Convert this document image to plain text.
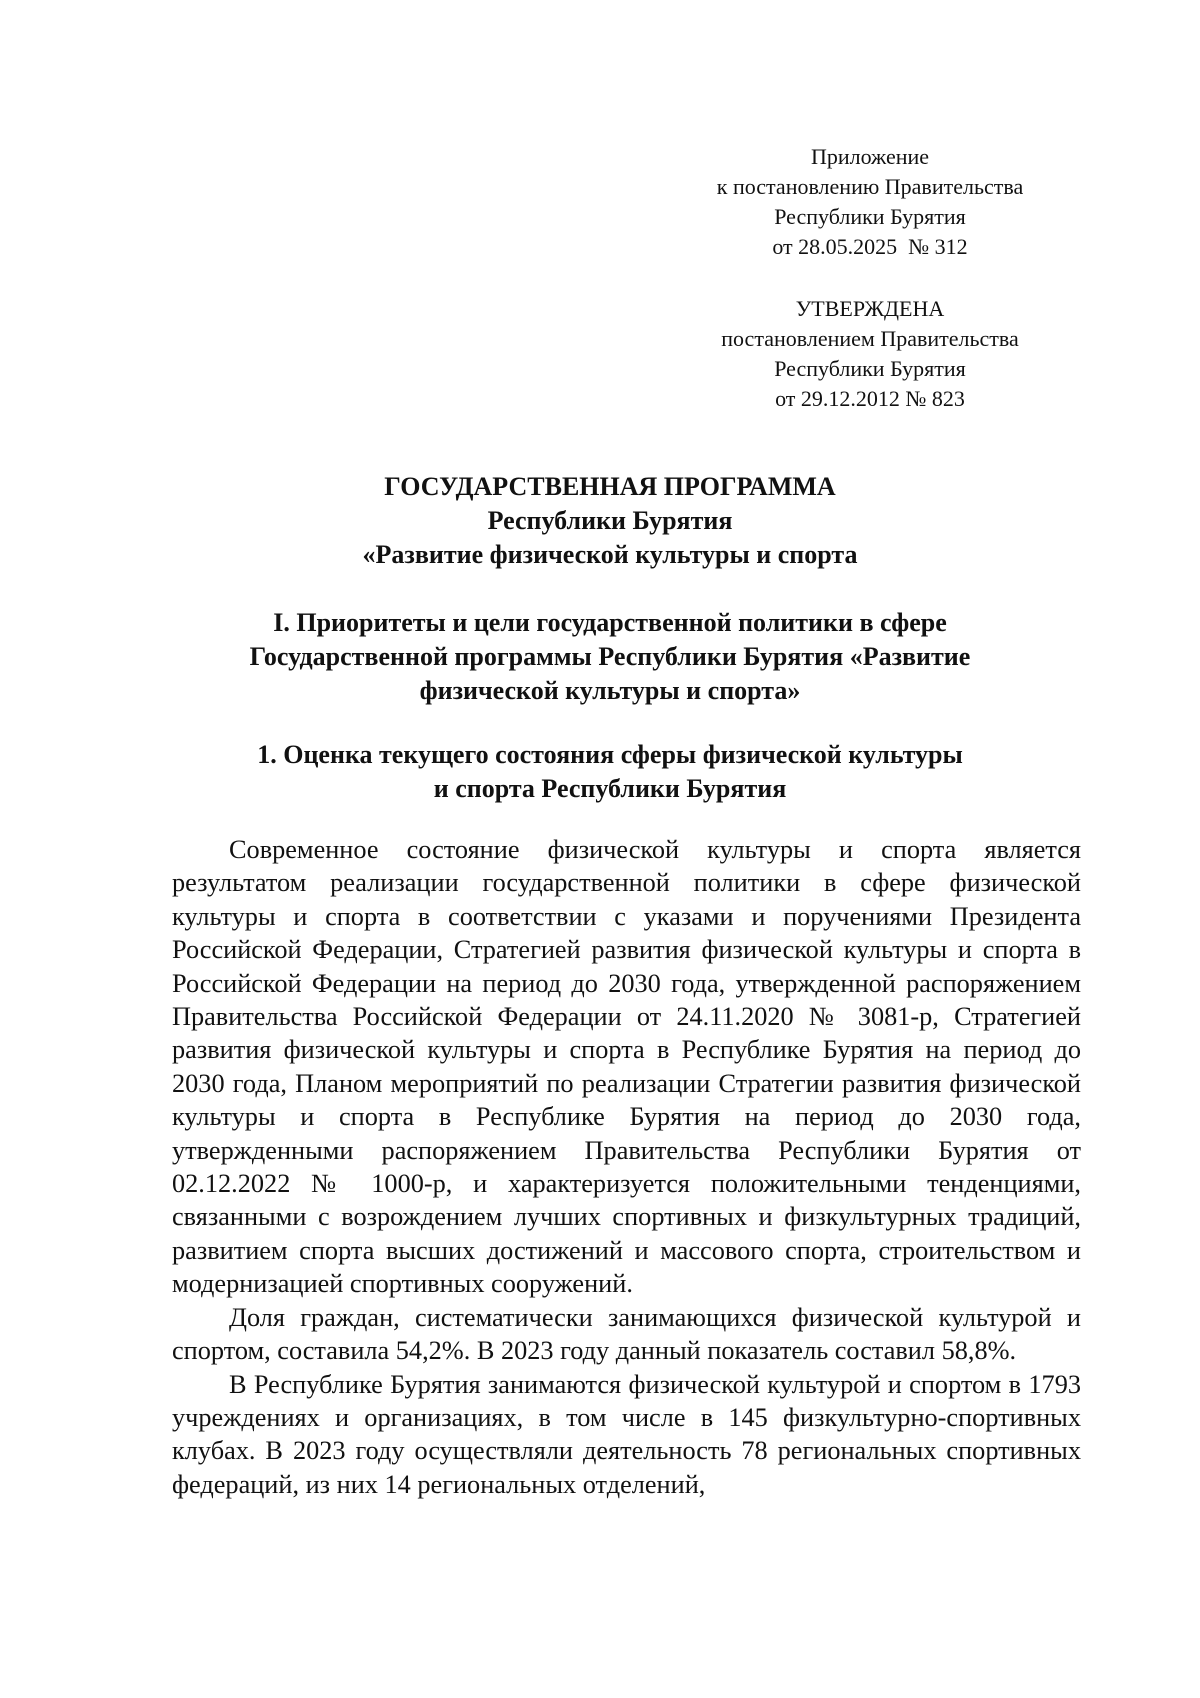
Приложение
к постановлению Правительства
Республики Бурятия
от 28.05.2025  № 312
УТВЕРЖДЕНА
постановлением Правительства
Республики Бурятия
от 29.12.2012 № 823
ГОСУДАРСТВЕННАЯ ПРОГРАММА
Республики Бурятия
«Развитие физической культуры и спорта
I. Приоритеты и цели государственной политики в сфере
Государственной программы Республики Бурятия «Развитие
физической культуры и спорта»
1. Оценка текущего состояния сферы физической культуры
и спорта Республики Бурятия

Современное состояние физической культуры и спорта является результатом реализации государственной политики в сфере физической культуры и спорта в соответствии с указами и поручениями Президента Российской Федерации, Стратегией развития физической культуры и спорта в Российской Федерации на период до 2030 года, утвержденной распоряжением Правительства Российской Федерации от 24.11.2020 № 3081-р, Стратегией развития физической культуры и спорта в Республике Бурятия на период до 2030 года, Планом мероприятий по реализации Стратегии развития физической культуры и спорта в Республике Бурятия на период до 2030 года, утвержденными распоряжением Правительства Республики Бурятия от 02.12.2022 № 1000-р, и характеризуется положительными тенденциями, связанными с возрождением лучших спортивных и физкультурных традиций, развитием спорта высших достижений и массового спорта, строительством и модернизацией спортивных сооружений.

Доля граждан, систематически занимающихся физической культурой и спортом, составила 54,2%. В 2023 году данный показатель составил 58,8%.

В Республике Бурятия занимаются физической культурой и спортом в 1793 учреждениях и организациях, в том числе в 145 физкультурно-спортивных клубах. В 2023 году осуществляли деятельность 78 региональных спортивных федераций, из них 14 региональных отделений,
